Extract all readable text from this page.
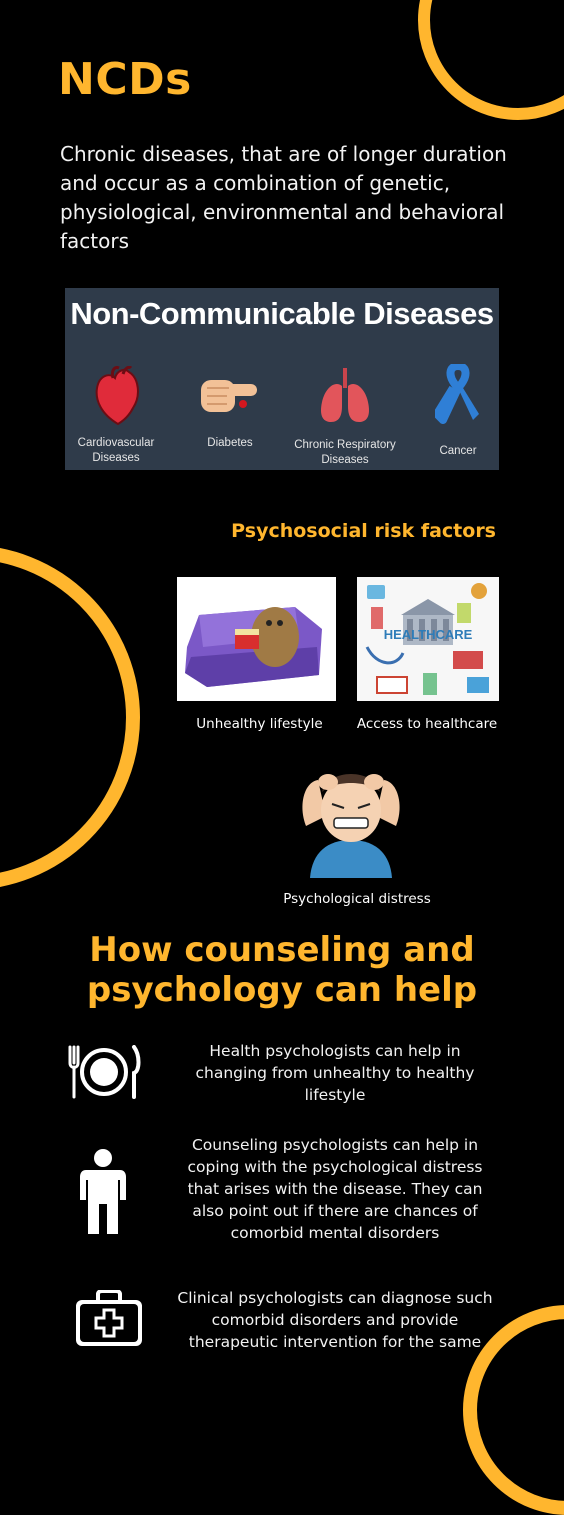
NCDs

Chronic diseases, that are of longer duration and occur as a combination of genetic, physiological, environmental and behavioral factors

Non-Communicable Diseases
Cardiovascular Diseases
Diabetes	Chronic Respiratory Diseases
Cancer
Psychosocial risk factors
Unhealthy lifestyle
HEALTHCARE
Access to healthcare
Psychological distress
How counseling and psychology can help
Health psychologists can help in changing from unhealthy to healthy lifestyle
Counseling psychologists can help in coping with the psychological distress that arises with the disease. They can also point out if there are chances of comorbid mental disorders
Clinical psychologists can diagnose such comorbid disorders and provide therapeutic intervention for the same
